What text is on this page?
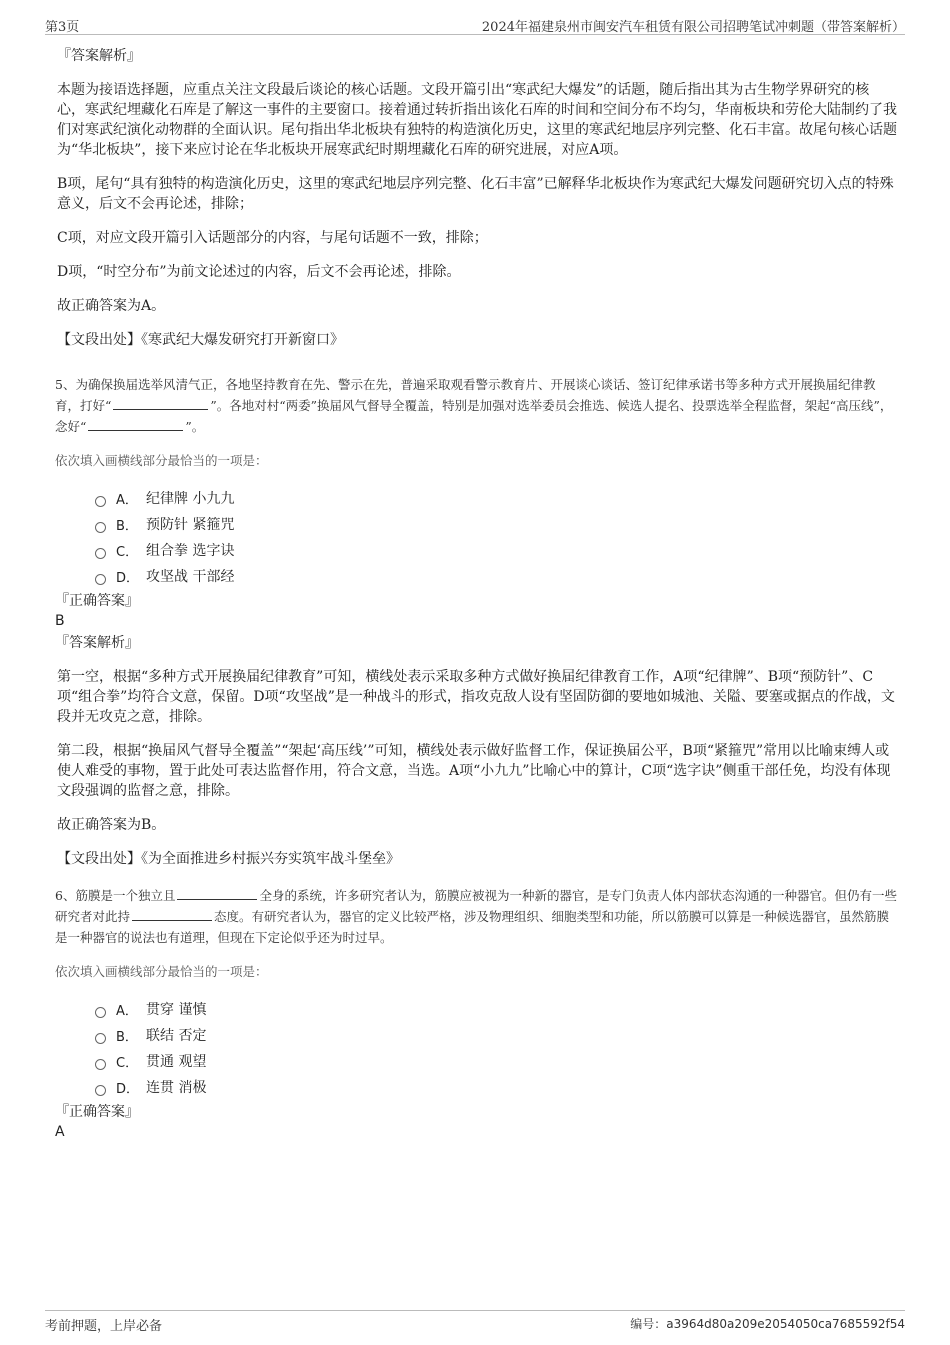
第3页	2024年福建泉州市闽安汽车租赁有限公司招聘笔试冲刺题（带答案解析）

『答案解析』

本题为接语选择题，应重点关注文段最后谈论的核心话题。文段开篇引出“寒武纪大爆发”的话题，随后指出其为古生物学界研究的核心，寒武纪埋藏化石库是了解这一事件的主要窗口。接着通过转折指出该化石库的时间和空间分布不均匀，华南板块和劳伦大陆制约了我们对寒武纪演化动物群的全面认识。尾句指出华北板块有独特的构造演化历史，这里的寒武纪地层序列完整、化石丰富。故尾句核心话题为“华北板块”，接下来应讨论在华北板块开展寒武纪时期埋藏化石库的研究进展，对应A项。

B项，尾句“具有独特的构造演化历史，这里的寒武纪地层序列完整、化石丰富”已解释华北板块作为寒武纪大爆发问题研究切入点的特殊意义，后文不会再论述，排除；

C项，对应文段开篇引入话题部分的内容，与尾句话题不一致，排除；

D项，“时空分布”为前文论述过的内容，后文不会再论述，排除。

故正确答案为A。

【文段出处】《寒武纪大爆发研究打开新窗口》

5、为确保换届选举风清气正，各地坚持教育在先、警示在先，普遍采取观看警示教育片、开展谈心谈话、签订纪律承诺书等多种方式开展换届纪律教育，打好“	”。各地对村“两委”换届风气督导全覆盖，特别是加强对选举委员会推选、候选人提名、投票选举全程监督，架起“高压线”，念好“	”。

依次填入画横线部分最恰当的一项是：

A． 纪律牌 小九九
B． 预防针 紧箍咒
C． 组合拳 选字诀
D． 攻坚战 干部经

『正确答案』

B

『答案解析』

第一空，根据“多种方式开展换届纪律教育”可知，横线处表示采取多种方式做好换届纪律教育工作，A项“纪律牌”、B项“预防针”、C项“组合拳”均符合文意，保留。D项“攻坚战”是一种战斗的形式，指攻克敌人设有坚固防御的要地如城池、关隘、要塞或据点的作战，文段并无攻克之意，排除。

第二段，根据“换届风气督导全覆盖”“架起‘高压线’”可知，横线处表示做好监督工作，保证换届公平，B项“紧箍咒”常用以比喻束缚人或使人难受的事物，置于此处可表达监督作用，符合文意，当选。A项“小九九”比喻心中的算计，C项“选字诀”侧重干部任免，均没有体现文段强调的监督之意，排除。

故正确答案为B。

【文段出处】《为全面推进乡村振兴夯实筑牢战斗堡垒》

6、筋膜是一个独立且	全身的系统，许多研究者认为，筋膜应被视为一种新的器官，是专门负责人体内部状态沟通的一种器官。但仍有一些研究者对此持	态度。有研究者认为，器官的定义比较严格，涉及物理组织、细胞类型和功能，所以筋膜可以算是一种候选器官，虽然筋膜是一种器官的说法也有道理，但现在下定论似乎还为时过早。

依次填入画横线部分最恰当的一项是：

A． 贯穿 谨慎
B． 联结 否定
C． 贯通 观望
D． 连贯 消极

『正确答案』

A

考前押题，上岸必备	编号：a3964d80a209e2054050ca7685592f54
